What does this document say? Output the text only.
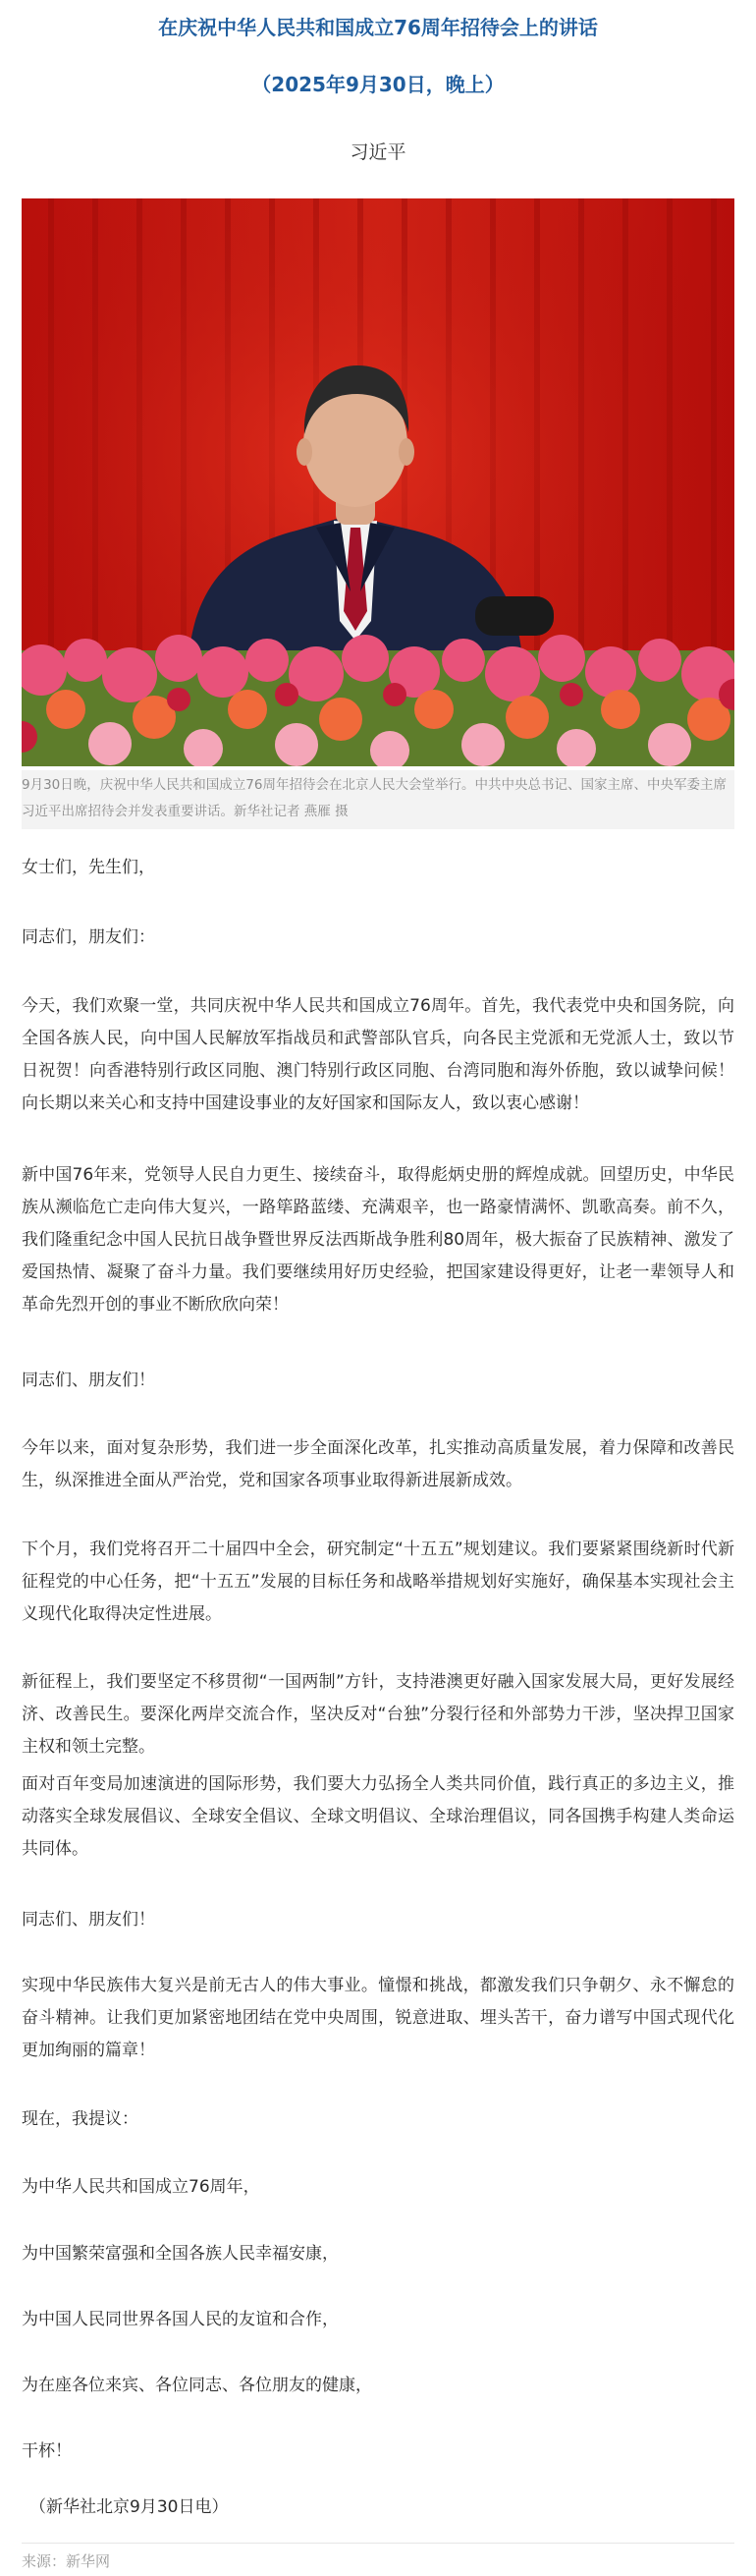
在庆祝中华人民共和国成立76周年招待会上的讲话
（2025年9月30日，晚上）
习近平
9月30日晚，庆祝中华人民共和国成立76周年招待会在北京人民大会堂举行。中共中央总书记、国家主席、中央军委主席习近平出席招待会并发表重要讲话。新华社记者 燕雁 摄

女士们，先生们，

同志们，朋友们：

今天，我们欢聚一堂，共同庆祝中华人民共和国成立76周年。首先，我代表党中央和国务院，向全国各族人民，向中国人民解放军指战员和武警部队官兵，向各民主党派和无党派人士，致以节日祝贺！向香港特别行政区同胞、澳门特别行政区同胞、台湾同胞和海外侨胞，致以诚挚问候！向长期以来关心和支持中国建设事业的友好国家和国际友人，致以衷心感谢！

新中国76年来，党领导人民自力更生、接续奋斗，取得彪炳史册的辉煌成就。回望历史，中华民族从濒临危亡走向伟大复兴，一路筚路蓝缕、充满艰辛，也一路豪情满怀、凯歌高奏。前不久，我们隆重纪念中国人民抗日战争暨世界反法西斯战争胜利80周年，极大振奋了民族精神、激发了爱国热情、凝聚了奋斗力量。我们要继续用好历史经验，把国家建设得更好，让老一辈领导人和革命先烈开创的事业不断欣欣向荣！

同志们、朋友们！

今年以来，面对复杂形势，我们进一步全面深化改革，扎实推动高质量发展，着力保障和改善民生，纵深推进全面从严治党，党和国家各项事业取得新进展新成效。

下个月，我们党将召开二十届四中全会，研究制定“十五五”规划建议。我们要紧紧围绕新时代新征程党的中心任务，把“十五五”发展的目标任务和战略举措规划好实施好，确保基本实现社会主义现代化取得决定性进展。

新征程上，我们要坚定不移贯彻“一国两制”方针，支持港澳更好融入国家发展大局，更好发展经济、改善民生。要深化两岸交流合作，坚决反对“台独”分裂行径和外部势力干涉，坚决捍卫国家主权和领土完整。

面对百年变局加速演进的国际形势，我们要大力弘扬全人类共同价值，践行真正的多边主义，推动落实全球发展倡议、全球安全倡议、全球文明倡议、全球治理倡议，同各国携手构建人类命运共同体。

同志们、朋友们！

实现中华民族伟大复兴是前无古人的伟大事业。憧憬和挑战，都激发我们只争朝夕、永不懈怠的奋斗精神。让我们更加紧密地团结在党中央周围，锐意进取、埋头苦干，奋力谱写中国式现代化更加绚丽的篇章！

现在，我提议：

为中华人民共和国成立76周年，

为中国繁荣富强和全国各族人民幸福安康，

为中国人民同世界各国人民的友谊和合作，

为在座各位来宾、各位同志、各位朋友的健康，

干杯！

（新华社北京9月30日电）

来源：新华网
